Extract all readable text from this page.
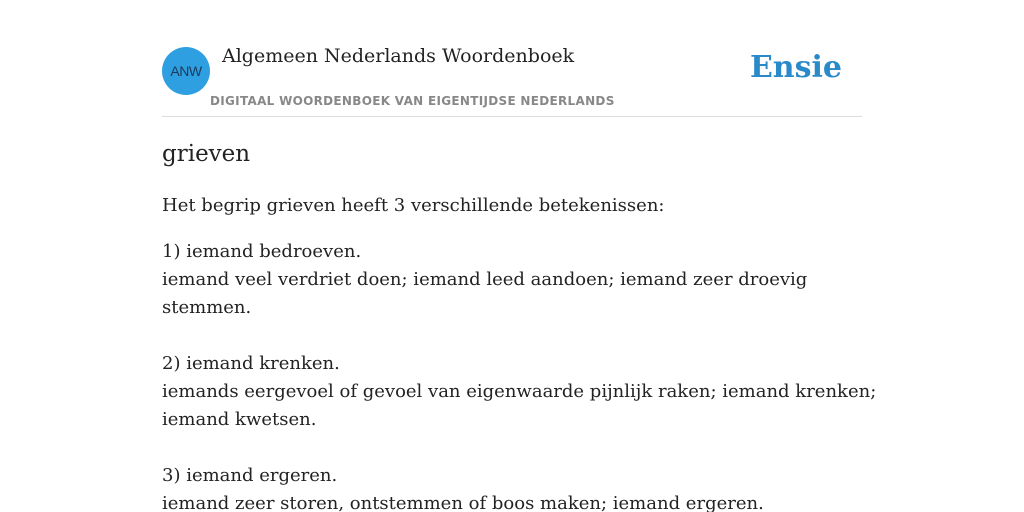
ANW
Algemeen Nederlands Woordenboek
DIGITAAL WOORDENBOEK VAN EIGENTIJDSE NEDERLANDS
Ensie
grieven

Het begrip grieven heeft 3 verschillende betekenissen:

1) iemand bedroeven.
iemand veel verdriet doen; iemand leed aandoen; iemand zeer droevig stemmen.
2) iemand krenken.
iemands eergevoel of gevoel van eigenwaarde pijnlijk raken; iemand krenken; iemand kwetsen.
3) iemand ergeren.
iemand zeer storen, ontstemmen of boos maken; iemand ergeren.
